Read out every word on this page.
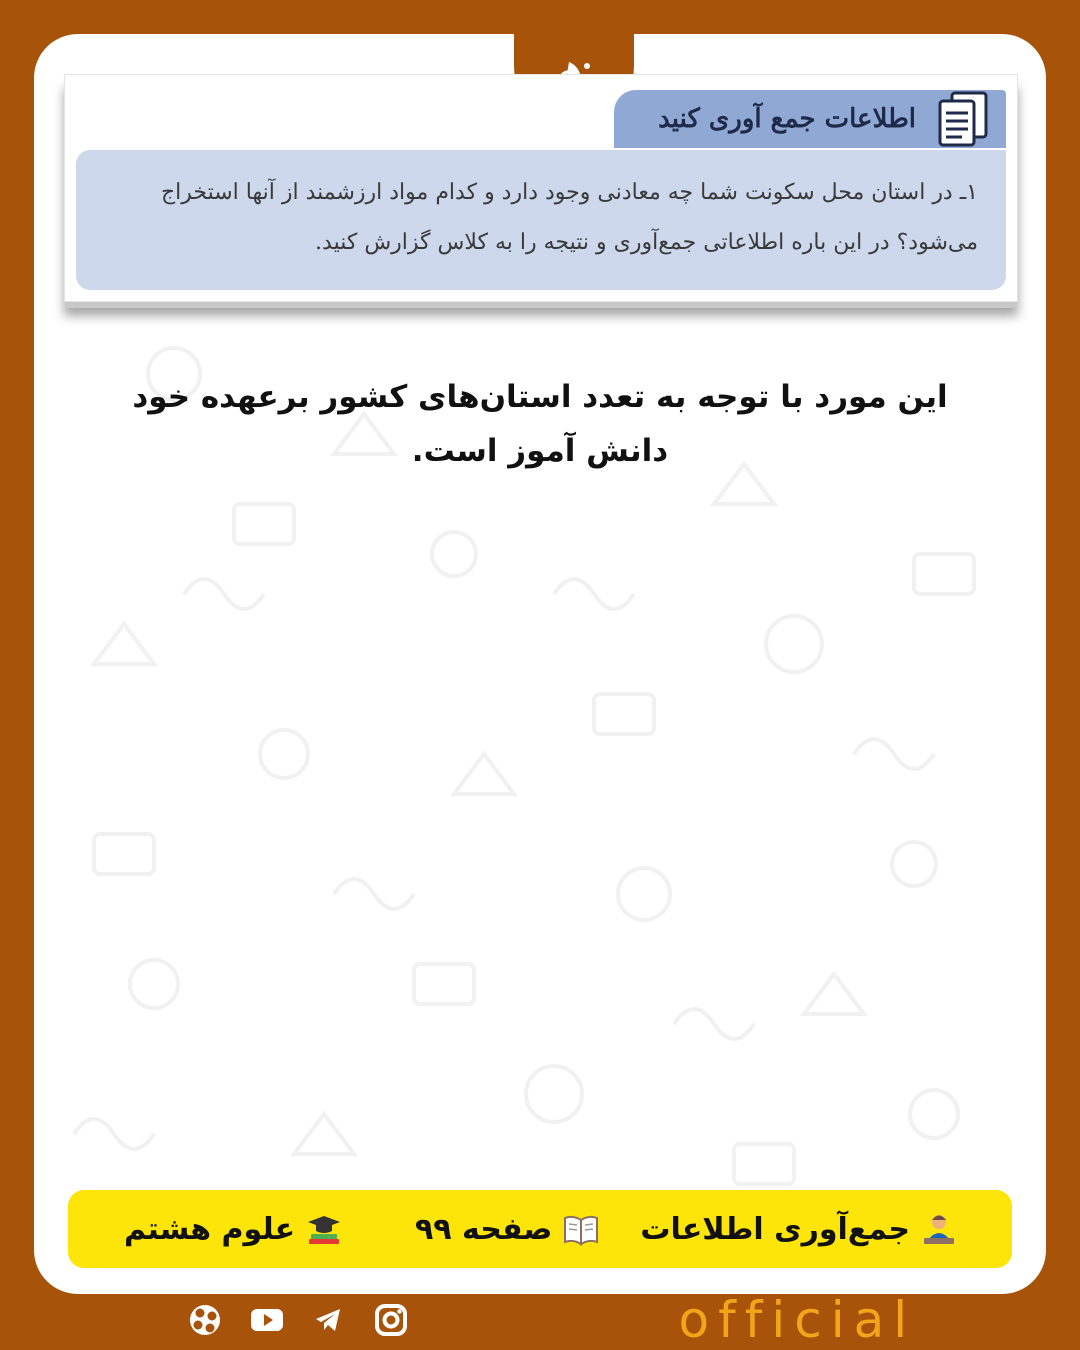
اطلاعات جمع آوری کنید
۱ـ در استان محل سکونت شما چه معادنی وجود دارد و کدام مواد ارزشمند از آنها استخراج
می‌شود؟ در این باره اطلاعاتی جمع‌آوری و نتیجه را به کلاس گزارش کنید.
این مورد با توجه به تعدد استان‌های کشور برعهده خود
دانش آموز است.
علوم هشتم	صفحه ۹۹	جمع‌آوری اطلاعات
bekhunofficial
